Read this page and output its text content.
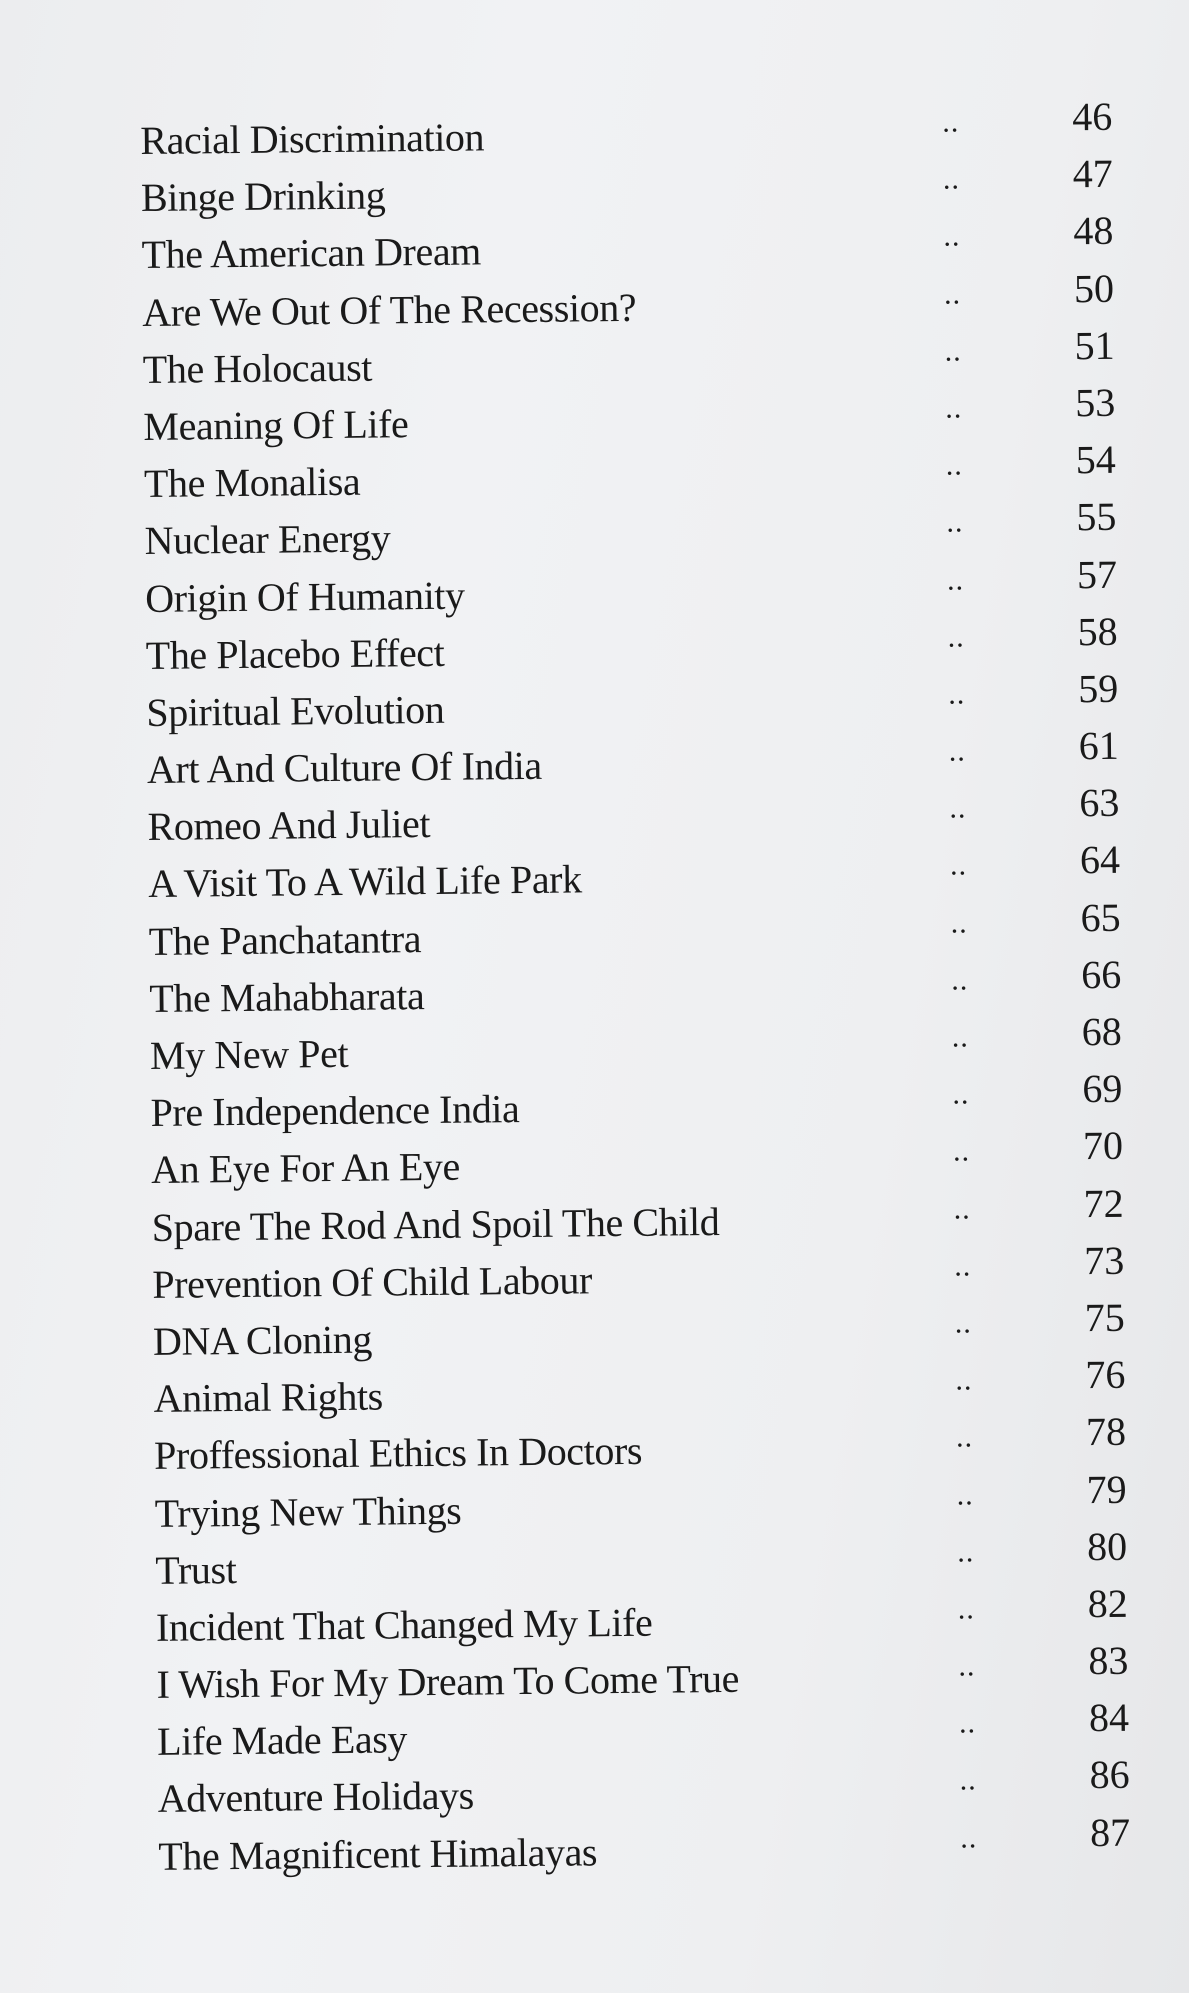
Racial Discrimination	..	46
Binge Drinking	..	47
The American Dream	..	48
Are We Out Of The Recession?	..	50
The Holocaust	..	51
Meaning Of Life	..	53
The Monalisa	..	54
Nuclear Energy	..	55
Origin Of Humanity	..	57
The Placebo Effect	..	58
Spiritual Evolution	..	59
Art And Culture Of India	..	61
Romeo And Juliet	..	63
A Visit To A Wild Life Park	..	64
The Panchatantra	..	65
The Mahabharata	..	66
My New Pet	..	68
Pre Independence India	..	69
An Eye For An Eye	..	70
Spare The Rod And Spoil The Child	..	72
Prevention Of Child Labour	..	73
DNA Cloning	..	75
Animal Rights	..	76
Proffessional Ethics In Doctors	..	78
Trying New Things	..	79
Trust	..	80
Incident That Changed My Life	..	82
I Wish For My Dream To Come True	..	83
Life Made Easy	..	84
Adventure Holidays	..	86
The Magnificent Himalayas	..	87
